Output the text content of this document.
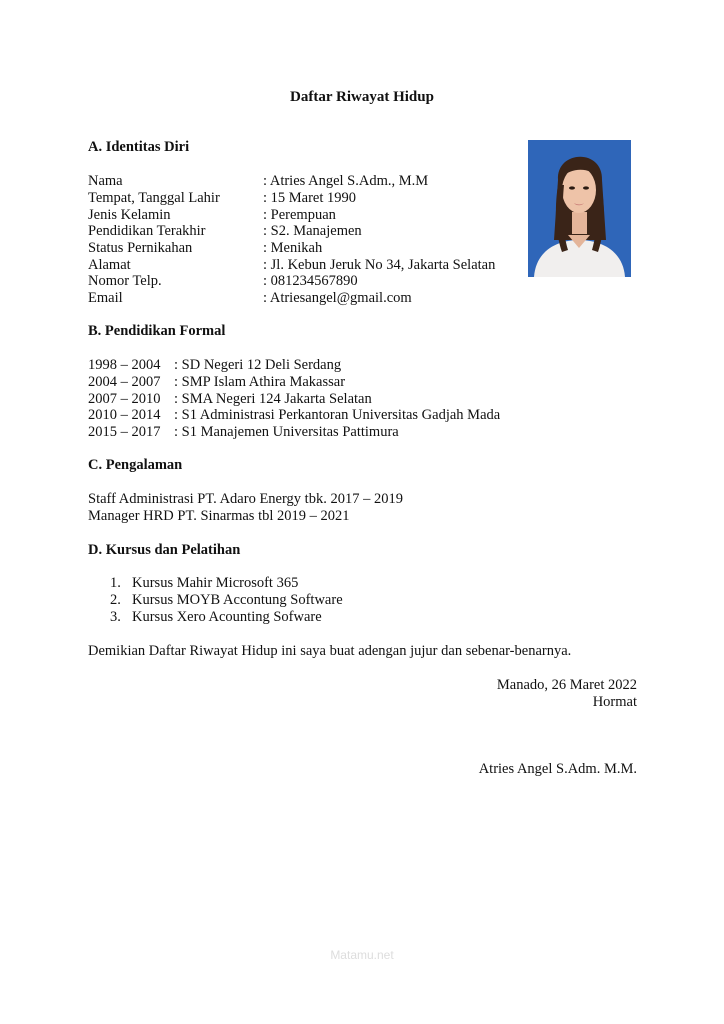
Daftar Riwayat Hidup
A. Identitas Diri
Nama	: Atries Angel S.Adm., M.M
Tempat, Tanggal Lahir	: 15 Maret 1990
Jenis Kelamin	: Perempuan
Pendidikan Terakhir	: S2. Manajemen
Status Pernikahan	: Menikah
Alamat	: Jl. Kebun Jeruk No 34, Jakarta Selatan
Nomor Telp.	: 081234567890
Email	: Atriesangel@gmail.com
B. Pendidikan Formal
1998 – 2004 : SD Negeri 12 Deli Serdang
2004 – 2007 : SMP Islam Athira Makassar
2007 – 2010 : SMA Negeri 124 Jakarta Selatan
2010 – 2014 : S1 Administrasi Perkantoran Universitas Gadjah Mada
2015 – 2017 : S1 Manajemen Universitas Pattimura
C. Pengalaman
Staff Administrasi PT. Adaro Energy tbk. 2017 – 2019
Manager HRD PT. Sinarmas tbl 2019 – 2021
D. Kursus dan Pelatihan
1. Kursus Mahir Microsoft 365
2. Kursus MOYB Accontung Software
3. Kursus Xero Acounting Sofware
Demikian Daftar Riwayat Hidup ini saya buat adengan jujur dan sebenar-benarnya.
Manado, 26 Maret 2022
Hormat
Atries Angel S.Adm. M.M.
Matamu.net
